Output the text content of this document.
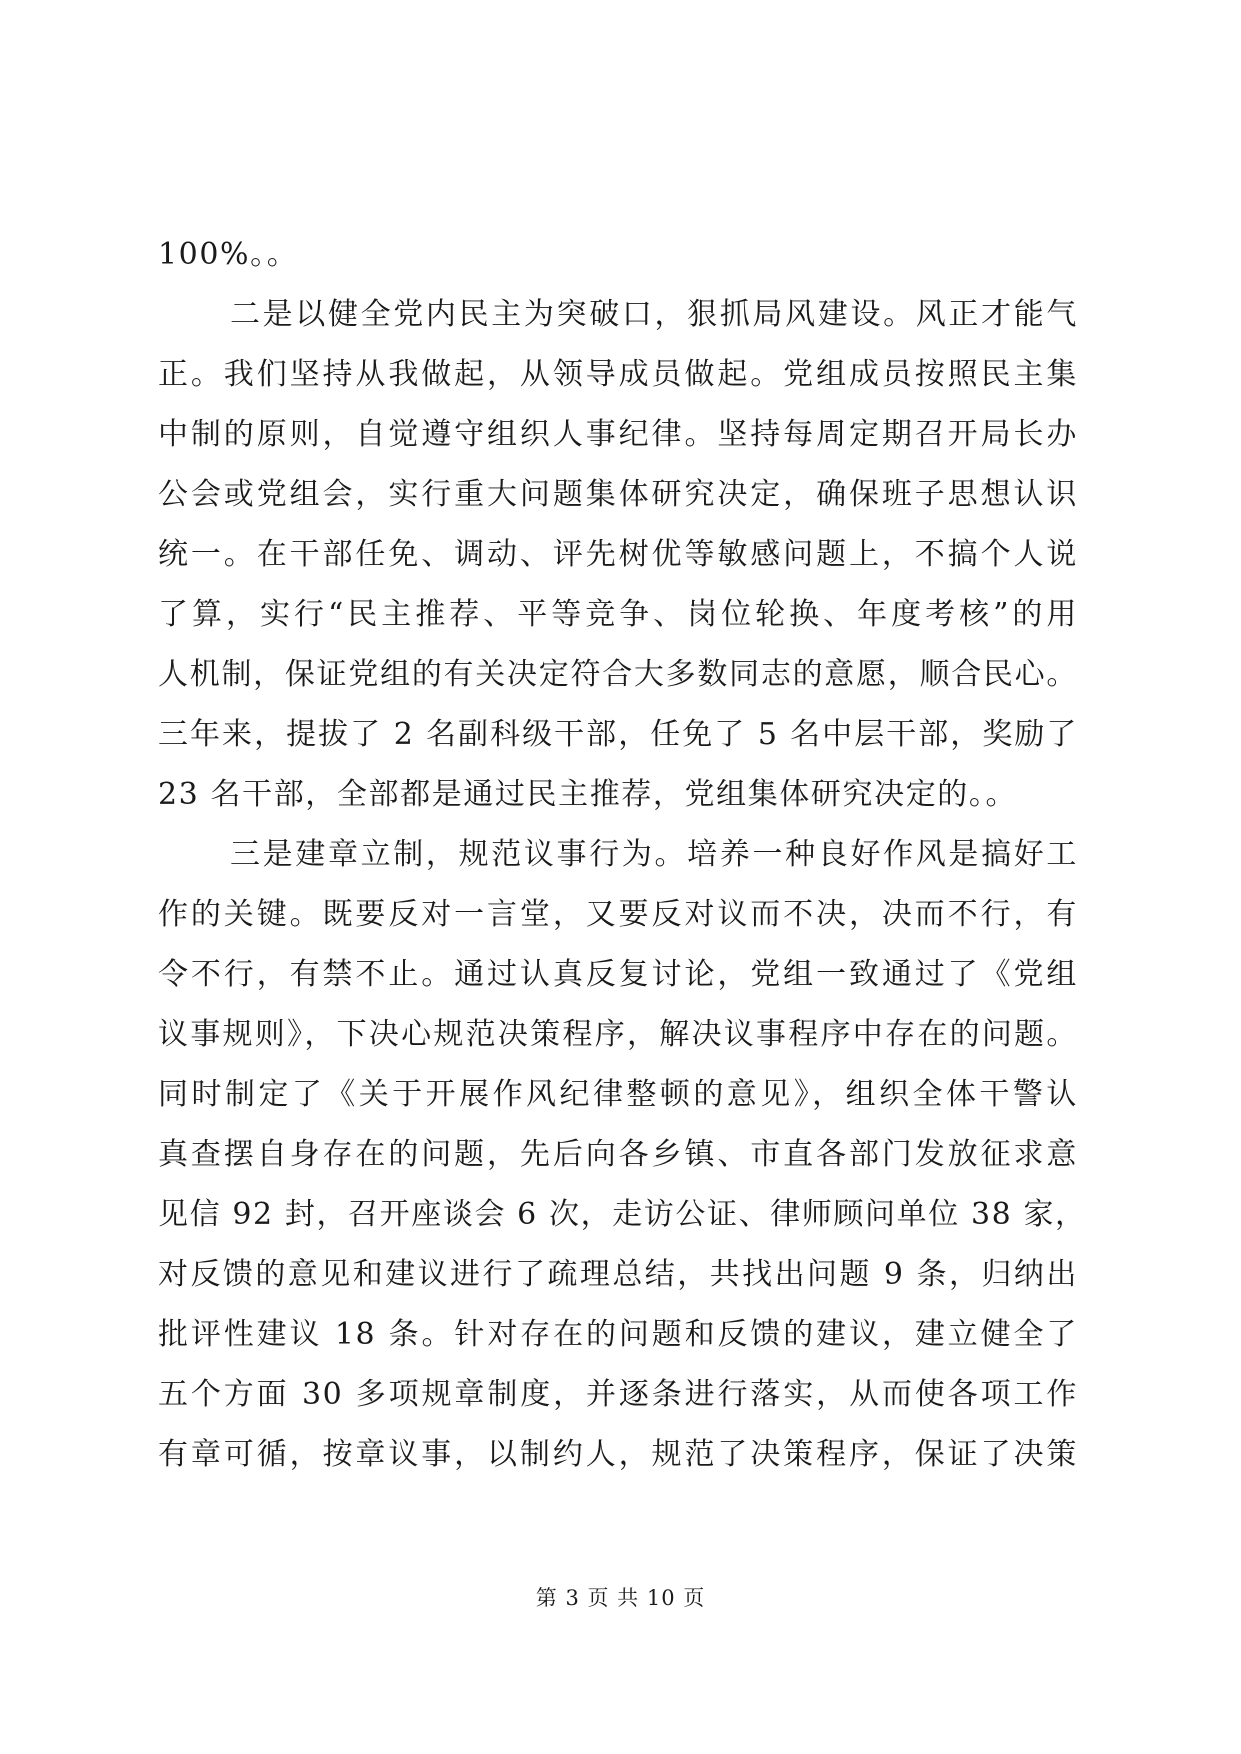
100%。。
二是以健全党内民主为突破口，狠抓局风建设。风正才能气
正。我们坚持从我做起，从领导成员做起。党组成员按照民主集
中制的原则，自觉遵守组织人事纪律。坚持每周定期召开局长办
公会或党组会，实行重大问题集体研究决定，确保班子思想认识
统一。在干部任免、调动、评先树优等敏感问题上，不搞个人说
了算，实行“民主推荐、平等竞争、岗位轮换、年度考核”的用
人机制，保证党组的有关决定符合大多数同志的意愿，顺合民心。
三年来，提拔了 2 名副科级干部，任免了 5 名中层干部，奖励了
23 名干部，全部都是通过民主推荐，党组集体研究决定的。。
三是建章立制，规范议事行为。培养一种良好作风是搞好工
作的关键。既要反对一言堂，又要反对议而不决，决而不行，有
令不行，有禁不止。通过认真反复讨论，党组一致通过了《党组
议事规则》，下决心规范决策程序，解决议事程序中存在的问题。
同时制定了《关于开展作风纪律整顿的意见》，组织全体干警认
真查摆自身存在的问题，先后向各乡镇、市直各部门发放征求意
见信 92 封，召开座谈会 6 次，走访公证、律师顾问单位 38 家，
对反馈的意见和建议进行了疏理总结，共找出问题 9 条，归纳出
批评性建议 18 条。针对存在的问题和反馈的建议，建立健全了
五个方面 30 多项规章制度，并逐条进行落实，从而使各项工作
有章可循，按章议事，以制约人，规范了决策程序，保证了决策
第 3 页 共 10 页
